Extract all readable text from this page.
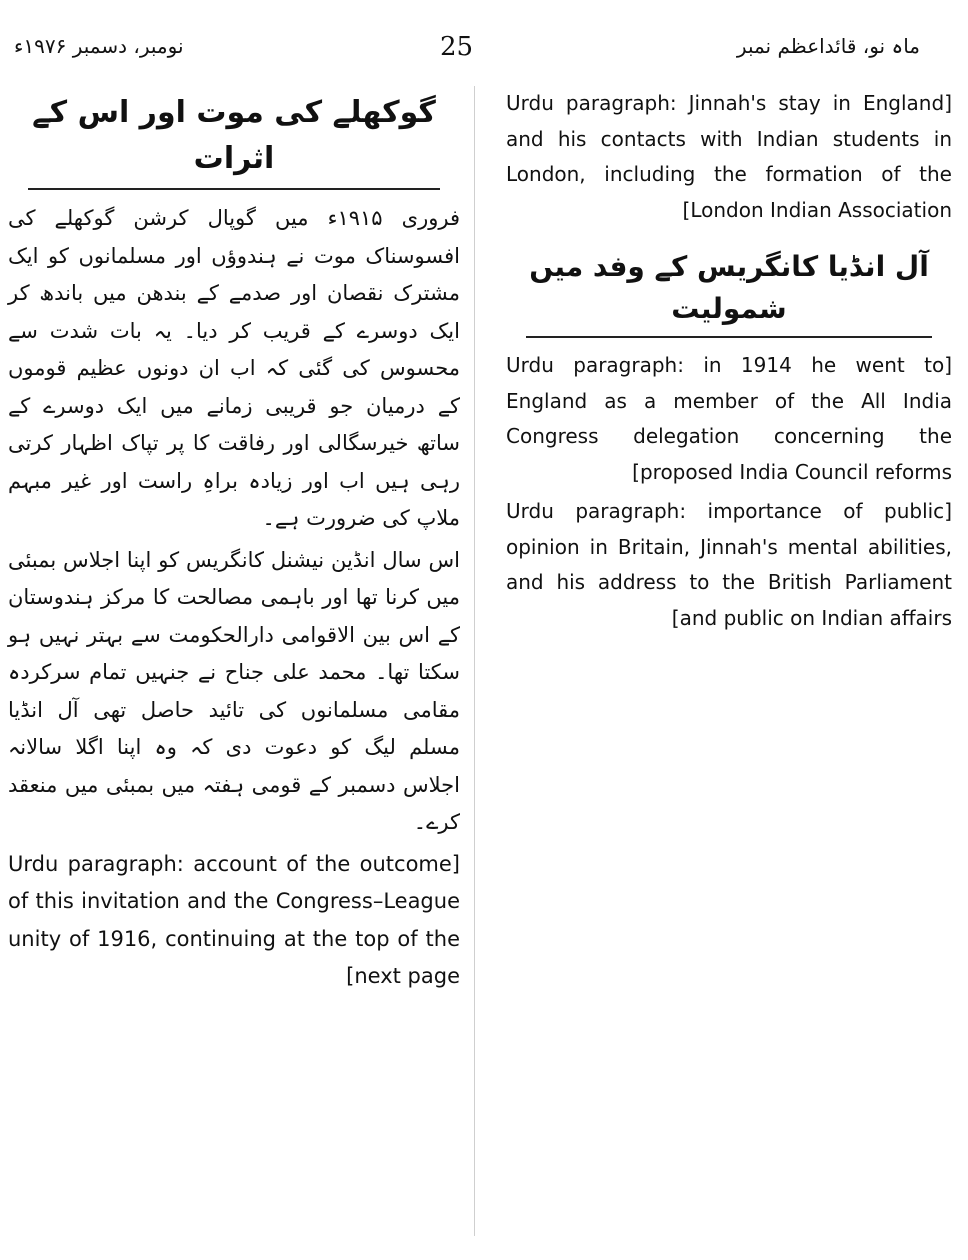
نومبر، دسمبر ۱۹۷۶ء	25	ماہ نو، قائداعظم نمبر
گوکھلے کی موت اور اس کے اثرات

فروری ۱۹۱۵ء میں گوپال کرشن گوکھلے کی افسوسناک موت نے ہندوؤں اور مسلمانوں کو ایک مشترک نقصان اور صدمے کے بندھن میں باندھ کر ایک دوسرے کے قریب کر دیا۔ یہ بات شدت سے محسوس کی گئی کہ اب ان دونوں عظیم قوموں کے درمیان جو قریبی زمانے میں ایک دوسرے کے ساتھ خیرسگالی اور رفاقت کا پر تپاک اظہار کرتی رہی ہیں اب اور زیادہ براہِ راست اور غیر مبہم ملاپ کی ضرورت ہے۔

اس سال انڈین نیشنل کانگریس کو اپنا اجلاس بمبئی میں کرنا تھا اور باہمی مصالحت کا مرکز ہندوستان کے اس بین الاقوامی دارالحکومت سے بہتر نہیں ہو سکتا تھا۔ محمد علی جناح نے جنہیں تمام سرکردہ مقامی مسلمانوں کی تائید حاصل تھی آل انڈیا مسلم لیگ کو دعوت دی کہ وہ اپنا اگلا سالانہ اجلاس دسمبر کے قومی ہفتہ میں بمبئی میں منعقد کرے۔

[Urdu paragraph: account of the outcome of this invitation and the Congress–League unity of 1916, continuing at the top of the next page]

[Urdu paragraph: Jinnah's stay in England and his contacts with Indian students in London, including the formation of the London Indian Association]

آل انڈیا کانگریس کے وفد میں شمولیت

[Urdu paragraph: in 1914 he went to England as a member of the All India Congress delegation concerning the proposed India Council reforms]

[Urdu paragraph: importance of public opinion in Britain, Jinnah's mental abilities, and his address to the British Parliament and public on Indian affairs]
